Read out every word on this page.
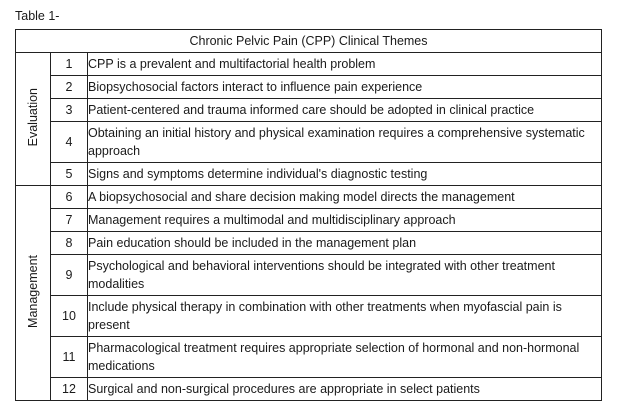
Table 1-
Chronic Pelvic Pain (CPP) Clinical Themes		
Evaluation	1	CPP is a prevalent and multifactorial health problem
	2	Biopsychosocial factors interact to influence pain experience
	3	Patient-centered and trauma informed care should be adopted in clinical practice
	4	Obtaining an initial history and physical examination requires a comprehensive systematic approach
	5	Signs and symptoms determine individual's diagnostic testing
Management	6	A biopsychosocial and share decision making model directs the management
	7	Management requires a multimodal and multidisciplinary approach
	8	Pain education should be included in the management plan
	9	Psychological and behavioral interventions should be integrated with other treatment modalities
	10	Include physical therapy in combination with other treatments when myofascial pain is present
	11	Pharmacological treatment requires appropriate selection of hormonal and non-hormonal medications
	12	Surgical and non-surgical procedures are appropriate in select patients
